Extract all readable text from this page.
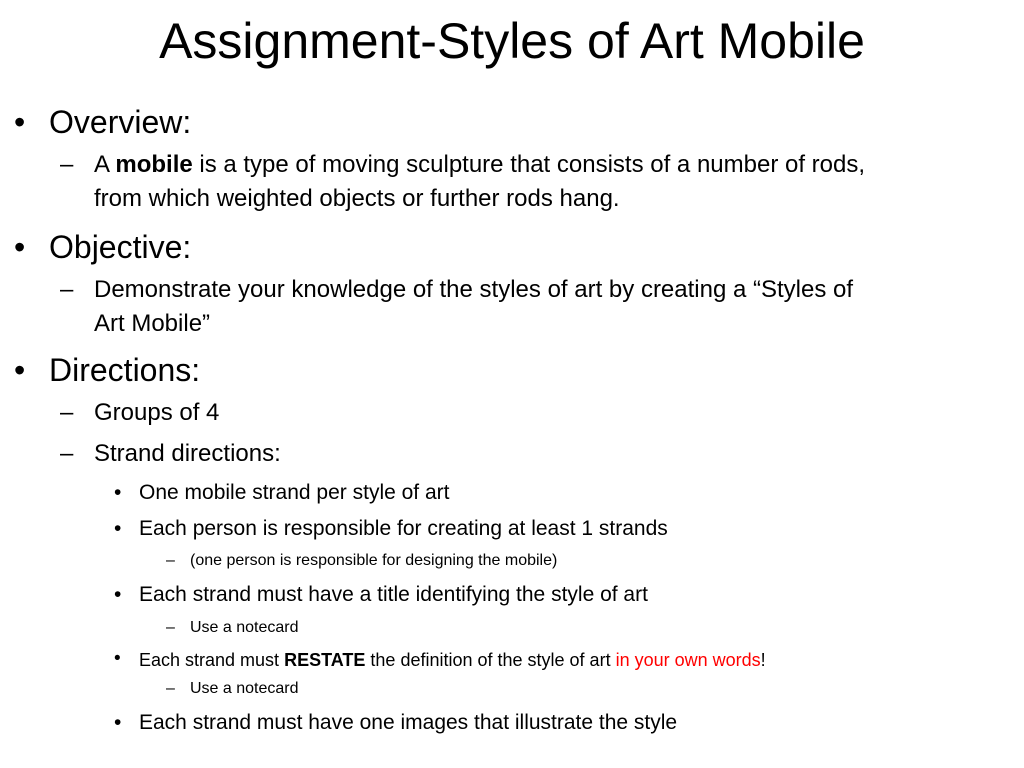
Assignment-Styles of Art Mobile
• Overview:
– A mobile is a type of moving sculpture that consists of a number of rods,
from which weighted objects or further rods hang.
• Objective:
– Demonstrate your knowledge of the styles of art by creating a “Styles of
Art Mobile”
• Directions:
– Groups of 4
– Strand directions:
• One mobile strand per style of art
• Each person is responsible for creating at least 1 strands
– (one person is responsible for designing the mobile)
• Each strand must have a title identifying the style of art
– Use a notecard
• Each strand must RESTATE the definition of the style of art in your own words!
– Use a notecard
• Each strand must have one images that illustrate the style
